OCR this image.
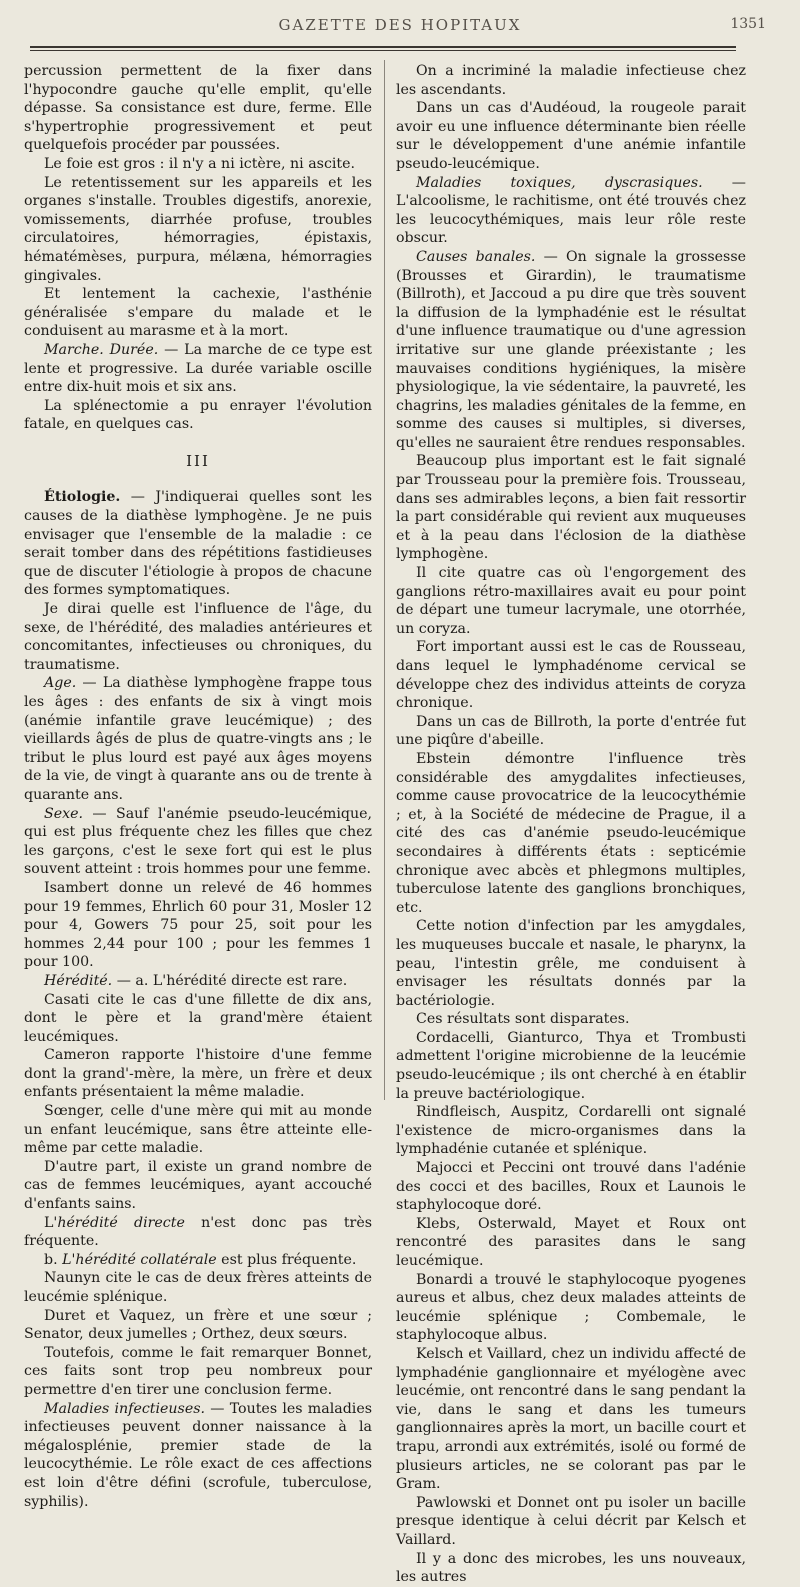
GAZETTE DES HOPITAUX	1351

percussion permettent de la fixer dans l'hypocondre gauche qu'elle emplit, qu'elle dépasse. Sa consistance est dure, ferme. Elle s'hypertrophie progressivement et peut quelquefois procéder par poussées.

Le foie est gros : il n'y a ni ictère, ni ascite.

Le retentissement sur les appareils et les organes s'installe. Troubles digestifs, anorexie, vomissements, diarrhée profuse, troubles circulatoires, hémorragies, épistaxis, hématémèses, purpura, mélæna, hémorragies gingivales.

Et lentement la cachexie, l'asthénie généralisée s'empare du malade et le conduisent au marasme et à la mort.

Marche. Durée. — La marche de ce type est lente et progressive. La durée variable oscille entre dix-huit mois et six ans.

La splénectomie a pu enrayer l'évolution fatale, en quelques cas.

III

Étiologie. — J'indiquerai quelles sont les causes de la diathèse lymphogène. Je ne puis envisager que l'ensemble de la maladie : ce serait tomber dans des répétitions fastidieuses que de discuter l'étiologie à propos de chacune des formes symptomatiques.

Je dirai quelle est l'influence de l'âge, du sexe, de l'hérédité, des maladies antérieures et concomitantes, infectieuses ou chroniques, du traumatisme.

Age. — La diathèse lymphogène frappe tous les âges : des enfants de six à vingt mois (anémie infantile grave leucémique) ; des vieillards âgés de plus de quatre-vingts ans ; le tribut le plus lourd est payé aux âges moyens de la vie, de vingt à quarante ans ou de trente à quarante ans.

Sexe. — Sauf l'anémie pseudo-leucémique, qui est plus fréquente chez les filles que chez les garçons, c'est le sexe fort qui est le plus souvent atteint : trois hommes pour une femme.

Isambert donne un relevé de 46 hommes pour 19 femmes, Ehrlich 60 pour 31, Mosler 12 pour 4, Gowers 75 pour 25, soit pour les hommes 2,44 pour 100 ; pour les femmes 1 pour 100.

Hérédité. — a. L'hérédité directe est rare.

Casati cite le cas d'une fillette de dix ans, dont le père et la grand'mère étaient leucémiques.

Cameron rapporte l'histoire d'une femme dont la grand'-mère, la mère, un frère et deux enfants présentaient la même maladie.

Sœnger, celle d'une mère qui mit au monde un enfant leucémique, sans être atteinte elle-même par cette maladie.

D'autre part, il existe un grand nombre de cas de femmes leucémiques, ayant accouché d'enfants sains.

L'hérédité directe n'est donc pas très fréquente.

b. L'hérédité collatérale est plus fréquente.

Naunyn cite le cas de deux frères atteints de leucémie splénique.

Duret et Vaquez, un frère et une sœur ; Senator, deux jumelles ; Orthez, deux sœurs.

Toutefois, comme le fait remarquer Bonnet, ces faits sont trop peu nombreux pour permettre d'en tirer une conclusion ferme.

Maladies infectieuses. — Toutes les maladies infectieuses peuvent donner naissance à la mégalosplénie, premier stade de la leucocythémie. Le rôle exact de ces affections est loin d'être défini (scrofule, tuberculose, syphilis).

On a incriminé la maladie infectieuse chez les ascendants.

Dans un cas d'Audéoud, la rougeole parait avoir eu une influence déterminante bien réelle sur le développement d'une anémie infantile pseudo-leucémique.

Maladies toxiques, dyscrasiques. — L'alcoolisme, le rachitisme, ont été trouvés chez les leucocythémiques, mais leur rôle reste obscur.

Causes banales. — On signale la grossesse (Brousses et Girardin), le traumatisme (Billroth), et Jaccoud a pu dire que très souvent la diffusion de la lymphadénie est le résultat d'une influence traumatique ou d'une agression irritative sur une glande préexistante ; les mauvaises conditions hygiéniques, la misère physiologique, la vie sédentaire, la pauvreté, les chagrins, les maladies génitales de la femme, en somme des causes si multiples, si diverses, qu'elles ne sauraient être rendues responsables.

Beaucoup plus important est le fait signalé par Trousseau pour la première fois. Trousseau, dans ses admirables leçons, a bien fait ressortir la part considérable qui revient aux muqueuses et à la peau dans l'éclosion de la diathèse lymphogène.

Il cite quatre cas où l'engorgement des ganglions rétro-maxillaires avait eu pour point de départ une tumeur lacrymale, une otorrhée, un coryza.

Fort important aussi est le cas de Rousseau, dans lequel le lymphadénome cervical se développe chez des individus atteints de coryza chronique.

Dans un cas de Billroth, la porte d'entrée fut une piqûre d'abeille.

Ebstein démontre l'influence très considérable des amygdalites infectieuses, comme cause provocatrice de la leucocythémie ; et, à la Société de médecine de Prague, il a cité des cas d'anémie pseudo-leucémique secondaires à différents états : septicémie chronique avec abcès et phlegmons multiples, tuberculose latente des ganglions bronchiques, etc.

Cette notion d'infection par les amygdales, les muqueuses buccale et nasale, le pharynx, la peau, l'intestin grêle, me conduisent à envisager les résultats donnés par la bactériologie.

Ces résultats sont disparates.

Cordacelli, Gianturco, Thya et Trombusti admettent l'origine microbienne de la leucémie pseudo-leucémique ; ils ont cherché à en établir la preuve bactériologique.

Rindfleisch, Auspitz, Cordarelli ont signalé l'existence de micro-organismes dans la lymphadénie cutanée et splénique.

Majocci et Peccini ont trouvé dans l'adénie des cocci et des bacilles, Roux et Launois le staphylocoque doré.

Klebs, Osterwald, Mayet et Roux ont rencontré des parasites dans le sang leucémique.

Bonardi a trouvé le staphylocoque pyogenes aureus et albus, chez deux malades atteints de leucémie splénique ; Combemale, le staphylocoque albus.

Kelsch et Vaillard, chez un individu affecté de lymphadénie ganglionnaire et myélogène avec leucémie, ont rencontré dans le sang pendant la vie, dans le sang et dans les tumeurs ganglionnaires après la mort, un bacille court et trapu, arrondi aux extrémités, isolé ou formé de plusieurs articles, ne se colorant pas par le Gram.

Pawlowski et Donnet ont pu isoler un bacille presque identique à celui décrit par Kelsch et Vaillard.

Il y a donc des microbes, les uns nouveaux, les autres
